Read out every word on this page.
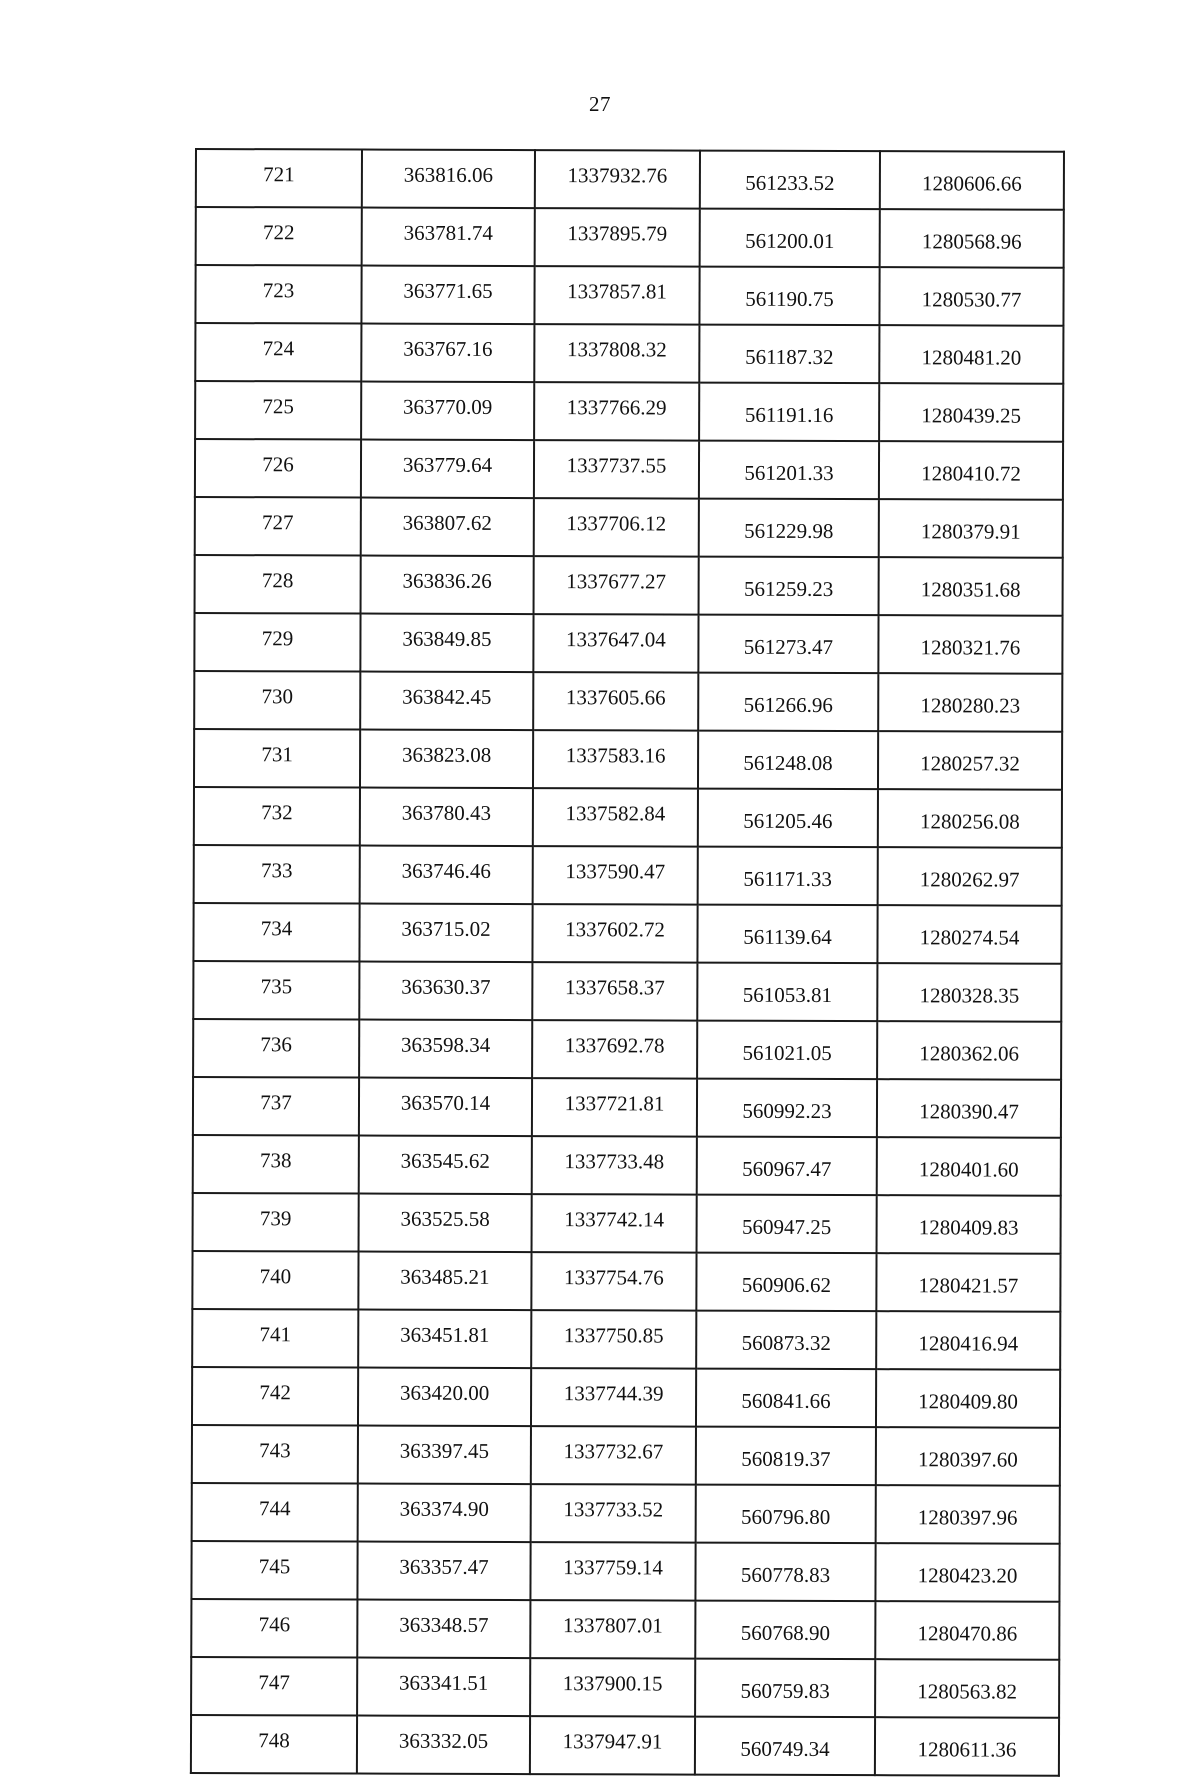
27
721	363816.06	1337932.76	561233.52	1280606.66
722	363781.74	1337895.79	561200.01	1280568.96
723	363771.65	1337857.81	561190.75	1280530.77
724	363767.16	1337808.32	561187.32	1280481.20
725	363770.09	1337766.29	561191.16	1280439.25
726	363779.64	1337737.55	561201.33	1280410.72
727	363807.62	1337706.12	561229.98	1280379.91
728	363836.26	1337677.27	561259.23	1280351.68
729	363849.85	1337647.04	561273.47	1280321.76
730	363842.45	1337605.66	561266.96	1280280.23
731	363823.08	1337583.16	561248.08	1280257.32
732	363780.43	1337582.84	561205.46	1280256.08
733	363746.46	1337590.47	561171.33	1280262.97
734	363715.02	1337602.72	561139.64	1280274.54
735	363630.37	1337658.37	561053.81	1280328.35
736	363598.34	1337692.78	561021.05	1280362.06
737	363570.14	1337721.81	560992.23	1280390.47
738	363545.62	1337733.48	560967.47	1280401.60
739	363525.58	1337742.14	560947.25	1280409.83
740	363485.21	1337754.76	560906.62	1280421.57
741	363451.81	1337750.85	560873.32	1280416.94
742	363420.00	1337744.39	560841.66	1280409.80
743	363397.45	1337732.67	560819.37	1280397.60
744	363374.90	1337733.52	560796.80	1280397.96
745	363357.47	1337759.14	560778.83	1280423.20
746	363348.57	1337807.01	560768.90	1280470.86
747	363341.51	1337900.15	560759.83	1280563.82
748	363332.05	1337947.91	560749.34	1280611.36
